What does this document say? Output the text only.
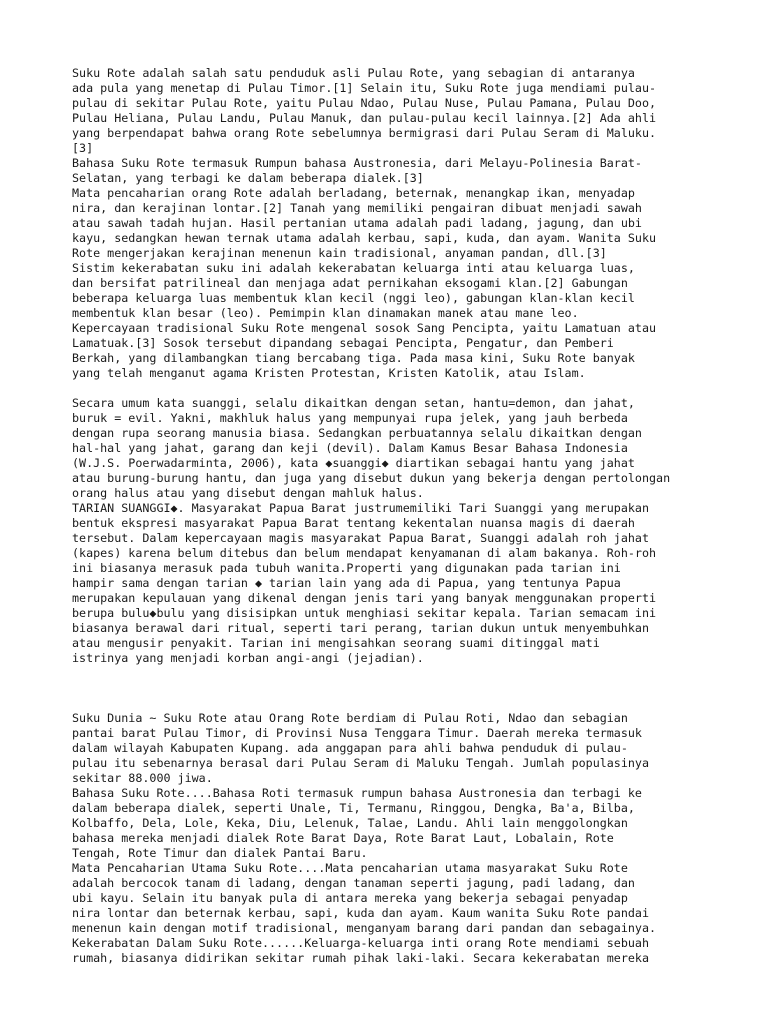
Suku Rote adalah salah satu penduduk asli Pulau Rote, yang sebagian di antaranya
ada pula yang menetap di Pulau Timor.[1] Selain itu, Suku Rote juga mendiami pulau-
pulau di sekitar Pulau Rote, yaitu Pulau Ndao, Pulau Nuse, Pulau Pamana, Pulau Doo,
Pulau Heliana, Pulau Landu, Pulau Manuk, dan pulau-pulau kecil lainnya.[2] Ada ahli
yang berpendapat bahwa orang Rote sebelumnya bermigrasi dari Pulau Seram di Maluku.
[3]
Bahasa Suku Rote termasuk Rumpun bahasa Austronesia, dari Melayu-Polinesia Barat-
Selatan, yang terbagi ke dalam beberapa dialek.[3]
Mata pencaharian orang Rote adalah berladang, beternak, menangkap ikan, menyadap
nira, dan kerajinan lontar.[2] Tanah yang memiliki pengairan dibuat menjadi sawah
atau sawah tadah hujan. Hasil pertanian utama adalah padi ladang, jagung, dan ubi
kayu, sedangkan hewan ternak utama adalah kerbau, sapi, kuda, dan ayam. Wanita Suku
Rote mengerjakan kerajinan menenun kain tradisional, anyaman pandan, dll.[3]
Sistim kekerabatan suku ini adalah kekerabatan keluarga inti atau keluarga luas,
dan bersifat patrilineal dan menjaga adat pernikahan eksogami klan.[2] Gabungan
beberapa keluarga luas membentuk klan kecil (nggi leo), gabungan klan-klan kecil
membentuk klan besar (leo). Pemimpin klan dinamakan manek atau mane leo.
Kepercayaan tradisional Suku Rote mengenal sosok Sang Pencipta, yaitu Lamatuan atau
Lamatuak.[3] Sosok tersebut dipandang sebagai Pencipta, Pengatur, dan Pemberi
Berkah, yang dilambangkan tiang bercabang tiga. Pada masa kini, Suku Rote banyak
yang telah menganut agama Kristen Protestan, Kristen Katolik, atau Islam.
Secara umum kata suanggi, selalu dikaitkan dengan setan, hantu=demon, dan jahat,
buruk = evil. Yakni, makhluk halus yang mempunyai rupa jelek, yang jauh berbeda
dengan rupa seorang manusia biasa. Sedangkan perbuatannya selalu dikaitkan dengan
hal-hal yang jahat, garang dan keji (devil). Dalam Kamus Besar Bahasa Indonesia
(W.J.S. Poerwadarminta, 2006), kata ◆suanggi◆ diartikan sebagai hantu yang jahat
atau burung-burung hantu, dan juga yang disebut dukun yang bekerja dengan pertolongan
orang halus atau yang disebut dengan mahluk halus.
TARIAN SUANGGI◆. Masyarakat Papua Barat justrumemiliki Tari Suanggi yang merupakan
bentuk ekspresi masyarakat Papua Barat tentang kekentalan nuansa magis di daerah
tersebut. Dalam kepercayaan magis masyarakat Papua Barat, Suanggi adalah roh jahat
(kapes) karena belum ditebus dan belum mendapat kenyamanan di alam bakanya. Roh-roh
ini biasanya merasuk pada tubuh wanita.Properti yang digunakan pada tarian ini
hampir sama dengan tarian ◆ tarian lain yang ada di Papua, yang tentunya Papua
merupakan kepulauan yang dikenal dengan jenis tari yang banyak menggunakan properti
berupa bulu◆bulu yang disisipkan untuk menghiasi sekitar kepala. Tarian semacam ini
biasanya berawal dari ritual, seperti tari perang, tarian dukun untuk menyembuhkan
atau mengusir penyakit. Tarian ini mengisahkan seorang suami ditinggal mati
istrinya yang menjadi korban angi-angi (jejadian).
Suku Dunia ~ Suku Rote atau Orang Rote berdiam di Pulau Roti, Ndao dan sebagian
pantai barat Pulau Timor, di Provinsi Nusa Tenggara Timur. Daerah mereka termasuk
dalam wilayah Kabupaten Kupang. ada anggapan para ahli bahwa penduduk di pulau-
pulau itu sebenarnya berasal dari Pulau Seram di Maluku Tengah. Jumlah populasinya
sekitar 88.000 jiwa.
Bahasa Suku Rote....Bahasa Roti termasuk rumpun bahasa Austronesia dan terbagi ke
dalam beberapa dialek, seperti Unale, Ti, Termanu, Ringgou, Dengka, Ba'a, Bilba,
Kolbaffo, Dela, Lole, Keka, Diu, Lelenuk, Talae, Landu. Ahli lain menggolongkan
bahasa mereka menjadi dialek Rote Barat Daya, Rote Barat Laut, Lobalain, Rote
Tengah, Rote Timur dan dialek Pantai Baru.
Mata Pencaharian Utama Suku Rote....Mata pencaharian utama masyarakat Suku Rote
adalah bercocok tanam di ladang, dengan tanaman seperti jagung, padi ladang, dan
ubi kayu. Selain itu banyak pula di antara mereka yang bekerja sebagai penyadap
nira lontar dan beternak kerbau, sapi, kuda dan ayam. Kaum wanita Suku Rote pandai
menenun kain dengan motif tradisional, menganyam barang dari pandan dan sebagainya.
Kekerabatan Dalam Suku Rote......Keluarga-keluarga inti orang Rote mendiami sebuah
rumah, biasanya didirikan sekitar rumah pihak laki-laki. Secara kekerabatan mereka
